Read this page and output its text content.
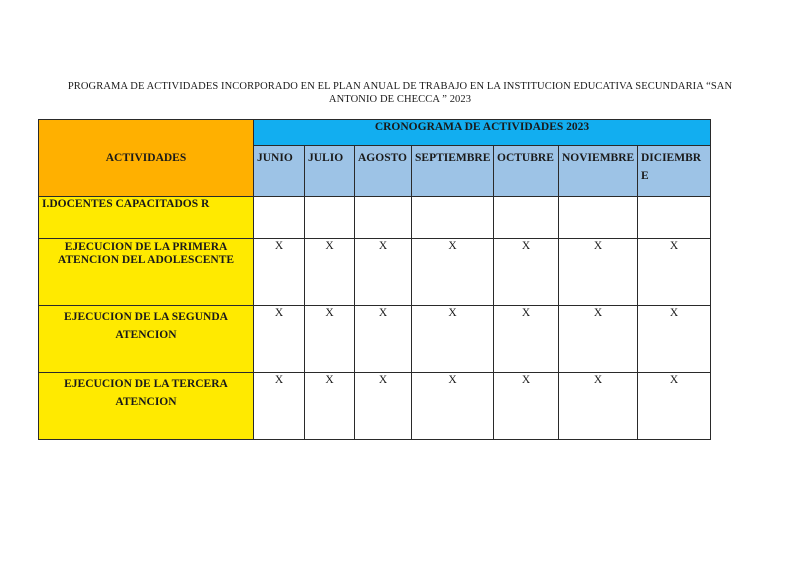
PROGRAMA DE ACTIVIDADES INCORPORADO EN EL PLAN ANUAL DE TRABAJO EN LA INSTITUCION EDUCATIVA SECUNDARIA “SAN
ANTONIO DE CHECCA ” 2023
ACTIVIDADES	CRONOGRAMA DE ACTIVIDADES 2023						
	JUNIO	JULIO	AGOSTO	SEPTIEMBRE	OCTUBRE	NOVIEMBRE	DICIEMBRE
I.DOCENTES CAPACITADOS R							
EJECUCION DE LA PRIMERA ATENCION DEL ADOLESCENTE	X	X	X	X	X	X	X
EJECUCION DE LA SEGUNDA ATENCION	X	X	X	X	X	X	X
EJECUCION DE LA TERCERA ATENCION	X	X	X	X	X	X	X
